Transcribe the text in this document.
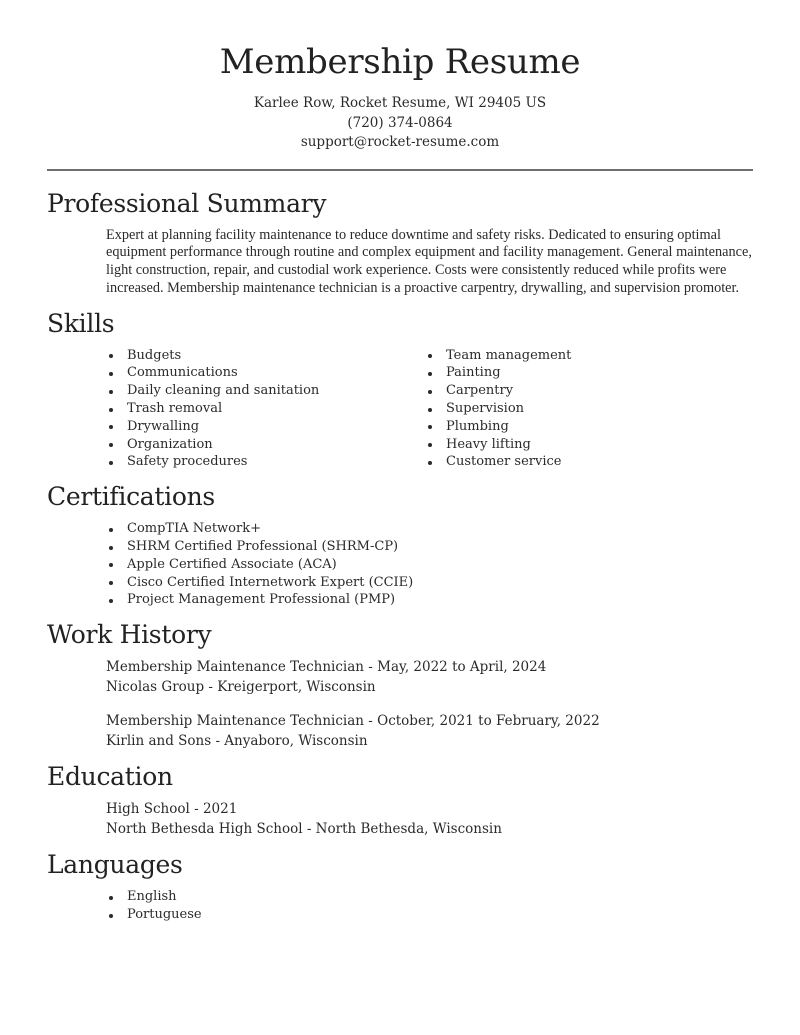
Membership Resume
Karlee Row, Rocket Resume, WI 29405 US
(720) 374-0864
support@rocket-resume.com
Professional Summary

Expert at planning facility maintenance to reduce downtime and safety risks. Dedicated to ensuring optimal equipment performance through routine and complex equipment and facility management. General maintenance, light construction, repair, and custodial work experience. Costs were consistently reduced while profits were increased. Membership maintenance technician is a proactive carpentry, drywalling, and supervision promoter.

Skills
Budgets
Communications
Daily cleaning and sanitation
Trash removal
Drywalling
Organization
Safety procedures
Team management
Painting
Carpentry
Supervision
Plumbing
Heavy lifting
Customer service
Certifications
CompTIA Network+
SHRM Certified Professional (SHRM-CP)
Apple Certified Associate (ACA)
Cisco Certified Internetwork Expert (CCIE)
Project Management Professional (PMP)
Work History
Membership Maintenance Technician - May, 2022 to April, 2024
Nicolas Group - Kreigerport, Wisconsin
Membership Maintenance Technician - October, 2021 to February, 2022
Kirlin and Sons - Anyaboro, Wisconsin
Education
High School - 2021
North Bethesda High School - North Bethesda, Wisconsin
Languages
English
Portuguese
